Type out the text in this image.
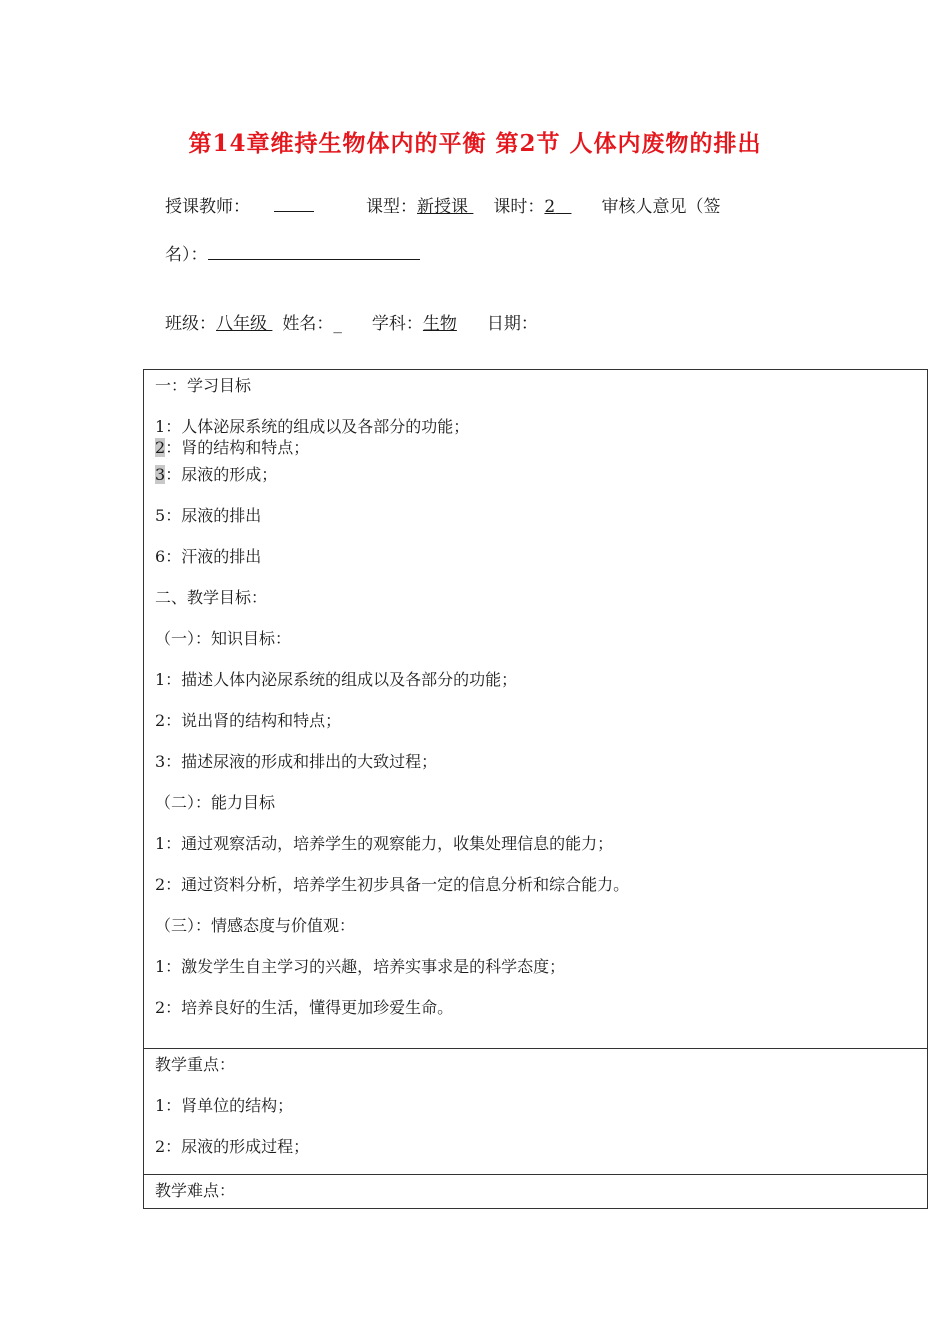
第14章维持生物体内的平衡 第2节 人体内废物的排出
授课教师：	课型：新授课 课时：2	审核人意见（签
名）：
班级：八年级 姓名：_ 学科：生物 日期：
一：学习目标
1：人体泌尿系统的组成以及各部分的功能；
2：肾的结构和特点；
3：尿液的形成；
5：尿液的排出
6：汗液的排出
二、教学目标：
（一）：知识目标：
1：描述人体内泌尿系统的组成以及各部分的功能；
2：说出肾的结构和特点；
3：描述尿液的形成和排出的大致过程；
（二）：能力目标
1：通过观察活动，培养学生的观察能力，收集处理信息的能力；
2：通过资料分析，培养学生初步具备一定的信息分析和综合能力。
（三）：情感态度与价值观：
1：激发学生自主学习的兴趣，培养实事求是的科学态度；
2：培养良好的生活，懂得更加珍爱生命。
教学重点：
1：肾单位的结构；
2：尿液的形成过程；
教学难点：
